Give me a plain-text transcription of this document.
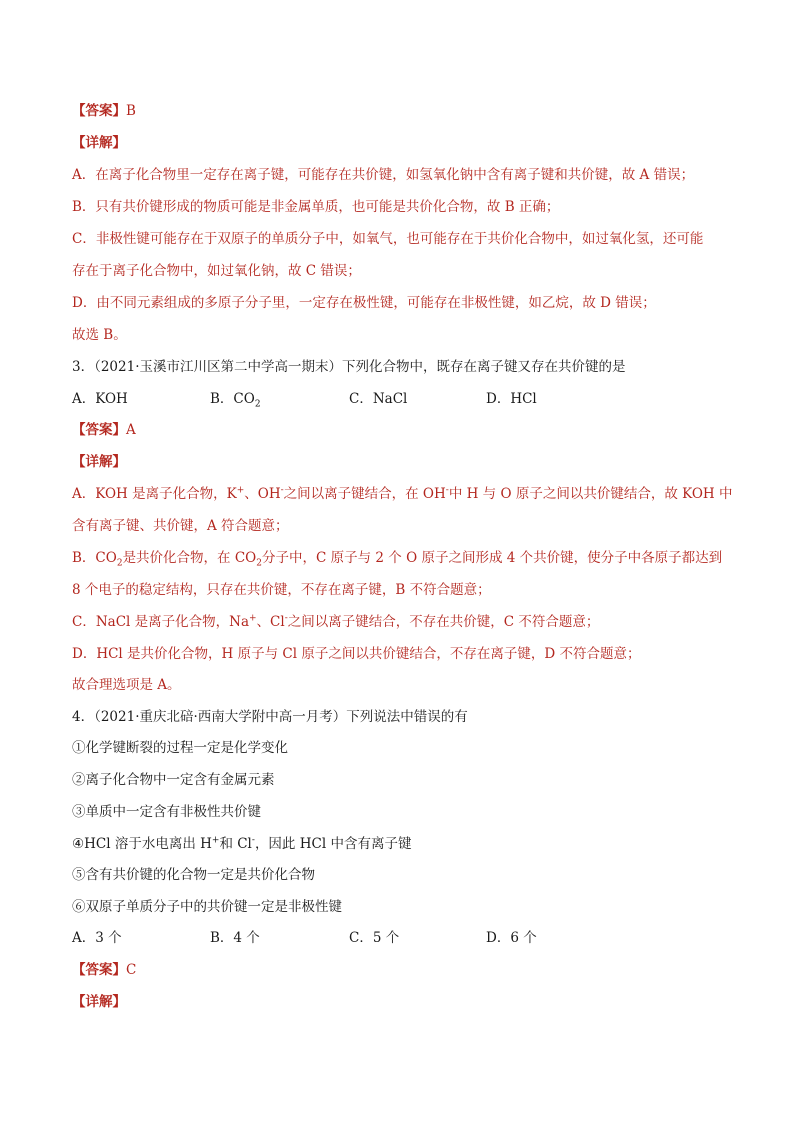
【答案】B
【详解】
A．在离子化合物里一定存在离子键，可能存在共价键，如氢氧化钠中含有离子键和共价键，故 A 错误；
B．只有共价键形成的物质可能是非金属单质，也可能是共价化合物，故 B 正确；
C．非极性键可能存在于双原子的单质分子中，如氧气，也可能存在于共价化合物中，如过氧化氢，还可能
存在于离子化合物中，如过氧化钠，故 C 错误；
D．由不同元素组成的多原子分子里，一定存在极性键，可能存在非极性键，如乙烷，故 D 错误；
故选 B。
3．（2021·玉溪市江川区第二中学高一期末）下列化合物中，既存在离子键又存在共价键的是
A．KOH	B．$CO_2$	C．NaCl	D．HCl
【答案】A
【详解】
A．KOH 是离子化合物，K+、OH-之间以离子键结合，在 OH-中 H 与 O 原子之间以共价键结合，故 KOH 中
含有离子键、共价键，A 符合题意；
B．$CO_2$是共价化合物，在 $CO_2$分子中，C 原子与 2 个 O 原子之间形成 4 个共价键，使分子中各原子都达到
8 个电子的稳定结构，只存在共价键，不存在离子键，B 不符合题意；
C．NaCl 是离子化合物，Na+、Cl-之间以离子键结合，不存在共价键，C 不符合题意；
D．HCl 是共价化合物，H 原子与 Cl 原子之间以共价键结合，不存在离子键，D 不符合题意；
故合理选项是 A。
4．（2021·重庆北碚·西南大学附中高一月考）下列说法中错误的有
①化学键断裂的过程一定是化学变化
②离子化合物中一定含有金属元素
③单质中一定含有非极性共价键
④HCl 溶于水电离出 H+和 Cl-，因此 HCl 中含有离子键
⑤含有共价键的化合物一定是共价化合物
⑥双原子单质分子中的共价键一定是非极性键
A．3 个	B．4 个	C．5 个	D．6 个
【答案】C
【详解】
